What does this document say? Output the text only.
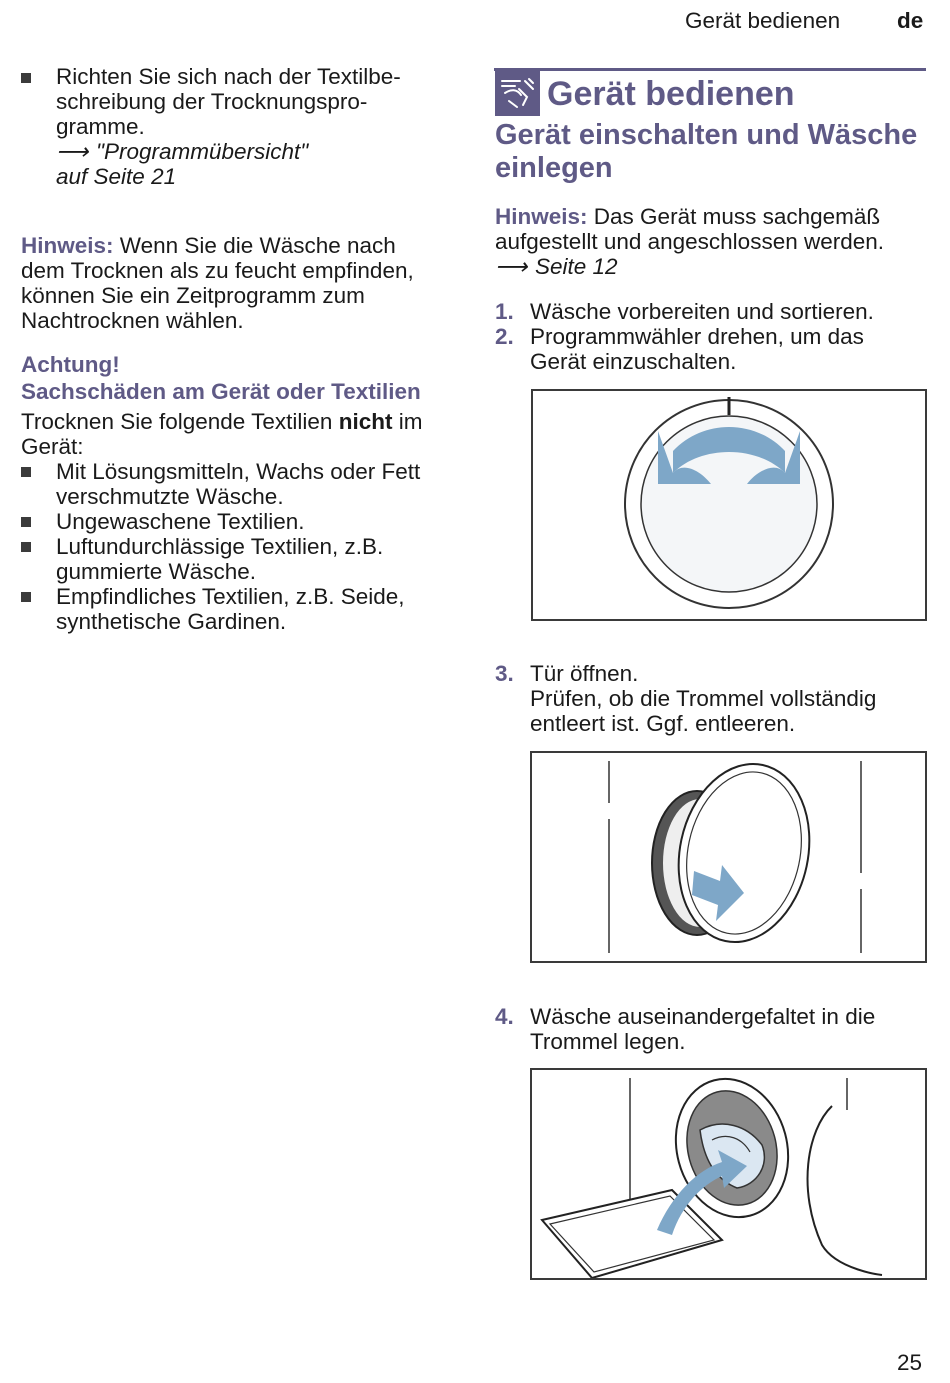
Gerät bedienen	de
Richten Sie sich nach der Textilbe-
schreibung der Trocknungspro-
gramme.
⟶ "Programmübersicht"
auf Seite 21
Hinweis: Wenn Sie die Wäsche nach
dem Trocknen als zu feucht empfinden,
können Sie ein Zeitprogramm zum
Nachtrocknen wählen.
Achtung!
Sachschäden am Gerät oder Textilien
Trocknen Sie folgende Textilien nicht im
Gerät:
Mit Lösungsmitteln, Wachs oder Fett
verschmutzte Wäsche.
Ungewaschene Textilien.
Luftundurchlässige Textilien, z.B.
gummierte Wäsche.
Empfindliches Textilien, z.B. Seide,
synthetische Gardinen.
Gerät bedienen
Gerät einschalten und Wäsche
einlegen
Hinweis: Das Gerät muss sachgemäß
aufgestellt und angeschlossen werden.
⟶ Seite 12
1. Wäsche vorbereiten und sortieren.
2. Programmwähler drehen, um das
Gerät einzuschalten.
3. Tür öffnen.
Prüfen, ob die Trommel vollständig
entleert ist. Ggf. entleeren.
4. Wäsche auseinandergefaltet in die
Trommel legen.
25
